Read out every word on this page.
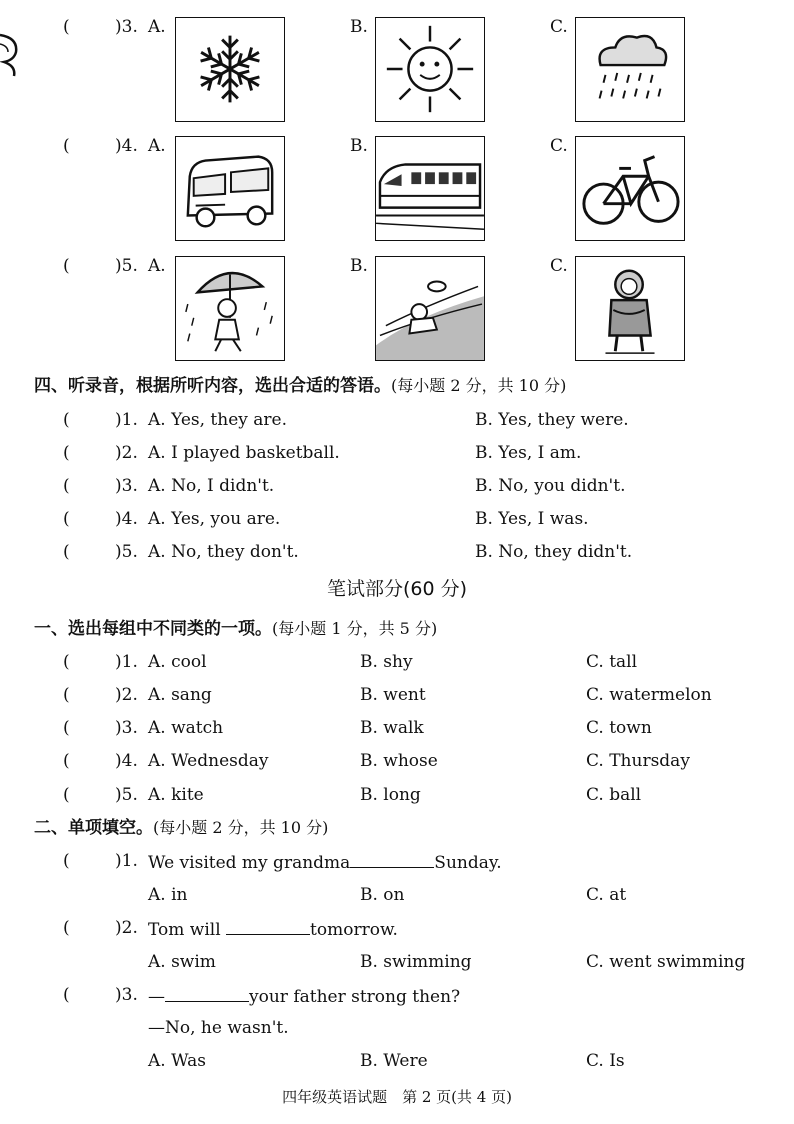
(	)3. A.	B.	C.
(	)4. A.	B.	C.
(	)5. A.	B.	C.
四、听录音，根据所听内容，选出合适的答语。(每小题 2 分，共 10 分)
(	)1. A. Yes, they are.	B. Yes, they were.
(	)2. A. I played basketball.	B. Yes, I am.
(	)3. A. No, I didn't.	B. No, you didn't.
(	)4. A. Yes, you are.	B. Yes, I was.
(	)5. A. No, they don't.	B. No, they didn't.
笔试部分(60 分)
一、选出每组中不同类的一项。(每小题 1 分，共 5 分)
(	)1. A. cool	B. shy	C. tall
(	)2. A. sang	B. went	C. watermelon
(	)3. A. watch	B. walk	C. town
(	)4. A. Wednesday	B. whose	C. Thursday
(	)5. A. kite	B. long	C. ball
二、单项填空。(每小题 2 分，共 10 分)
(	)1. We visited my grandma	Sunday.
A. in	B. on	C. at
(	)2. Tom will	tomorrow.
A. swim	B. swimming	C. went swimming
(	)3. —	your father strong then?
—No, he wasn't.
A. Was	B. Were	C. Is
四年级英语试题　第 2 页(共 4 页)
